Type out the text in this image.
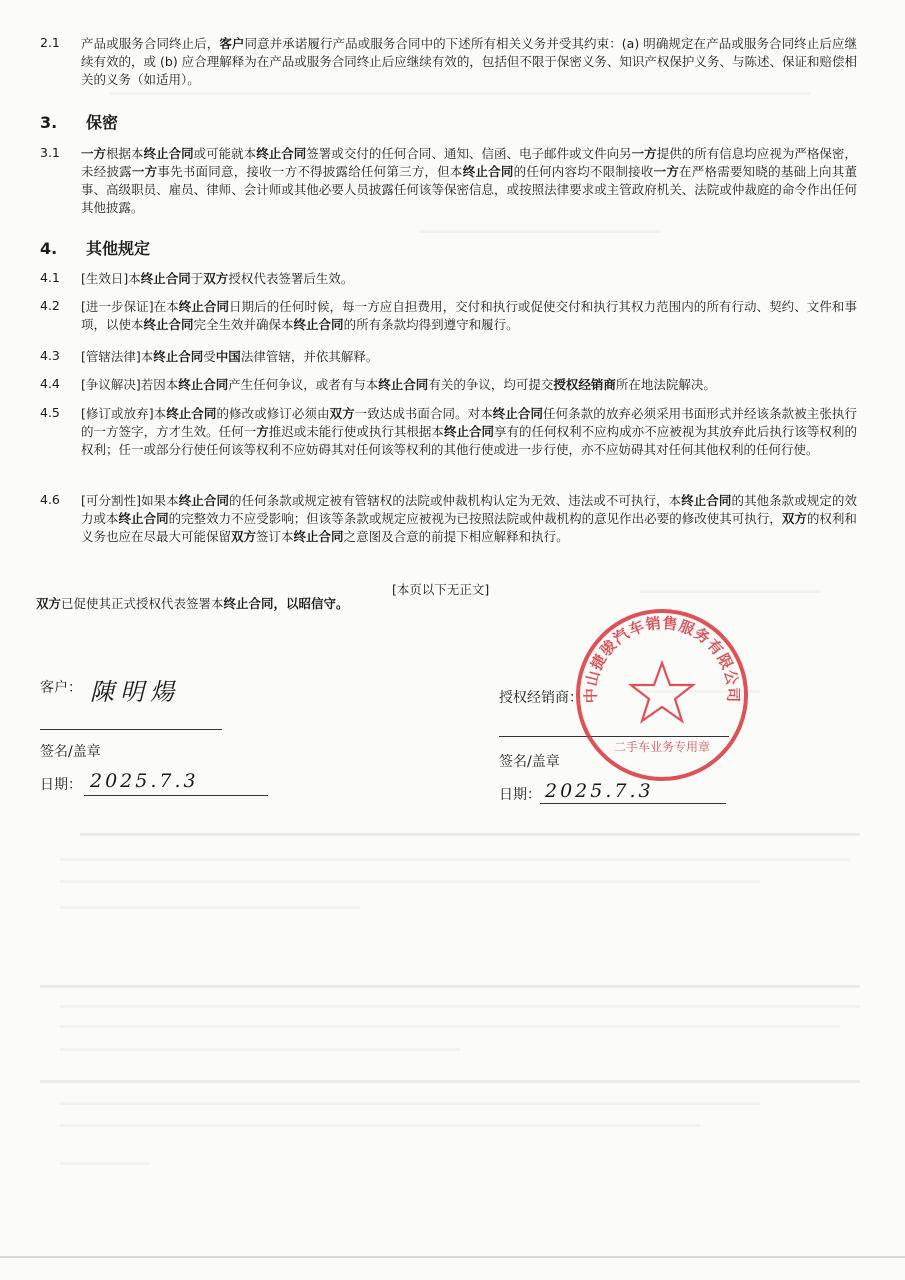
2.1 产品或服务合同终止后，客户同意并承诺履行产品或服务合同中的下述所有相关义务并受其约束：(a) 明确规定在产品或服务合同终止后应继续有效的，或 (b) 应合理解释为在产品或服务合同终止后应继续有效的，包括但不限于保密义务、知识产权保护义务、与陈述、保证和赔偿相关的义务（如适用）。
3. 保密
3.1 一方根据本终止合同或可能就本终止合同签署或交付的任何合同、通知、信函、电子邮件或文件向另一方提供的所有信息均应视为严格保密，未经披露一方事先书面同意，接收一方不得披露给任何第三方，但本终止合同的任何内容均不限制接收一方在严格需要知晓的基础上向其董事、高级职员、雇员、律师、会计师或其他必要人员披露任何该等保密信息，或按照法律要求或主管政府机关、法院或仲裁庭的命令作出任何其他披露。
4. 其他规定
4.1 [生效日]本终止合同于双方授权代表签署后生效。
4.2 [进一步保证]在本终止合同日期后的任何时候，每一方应自担费用，交付和执行或促使交付和执行其权力范围内的所有行动、契约、文件和事项，以使本终止合同完全生效并确保本终止合同的所有条款均得到遵守和履行。
4.3 [管辖法律]本终止合同受中国法律管辖，并依其解释。
4.4 [争议解决]若因本终止合同产生任何争议，或者有与本终止合同有关的争议，均可提交授权经销商所在地法院解决。
4.5 [修订或放弃]本终止合同的修改或修订必须由双方一致达成书面合同。对本终止合同任何条款的放弃必须采用书面形式并经该条款被主张执行的一方签字，方才生效。任何一方推迟或未能行使或执行其根据本终止合同享有的任何权利不应构成亦不应被视为其放弃此后执行该等权利的权利；任一或部分行使任何该等权利不应妨碍其对任何该等权利的其他行使或进一步行使，亦不应妨碍其对任何其他权利的任何行使。
4.6 [可分割性]如果本终止合同的任何条款或规定被有管辖权的法院或仲裁机构认定为无效、违法或不可执行，本终止合同的其他条款或规定的效力或本终止合同的完整效力不应受影响；但该等条款或规定应被视为已按照法院或仲裁机构的意见作出必要的修改使其可执行，双方的权利和义务也应在尽最大可能保留双方签订本终止合同之意图及合意的前提下相应解释和执行。
[本页以下无正文]
双方已促使其正式授权代表签署本终止合同，以昭信守。
客户： 陳明煬
签名/盖章
日期： 2025.7.3
授权经销商：
签名/盖章
日期： 2025.7.3
中山捷骏汽车销售服务有限公司
二手车业务专用章
